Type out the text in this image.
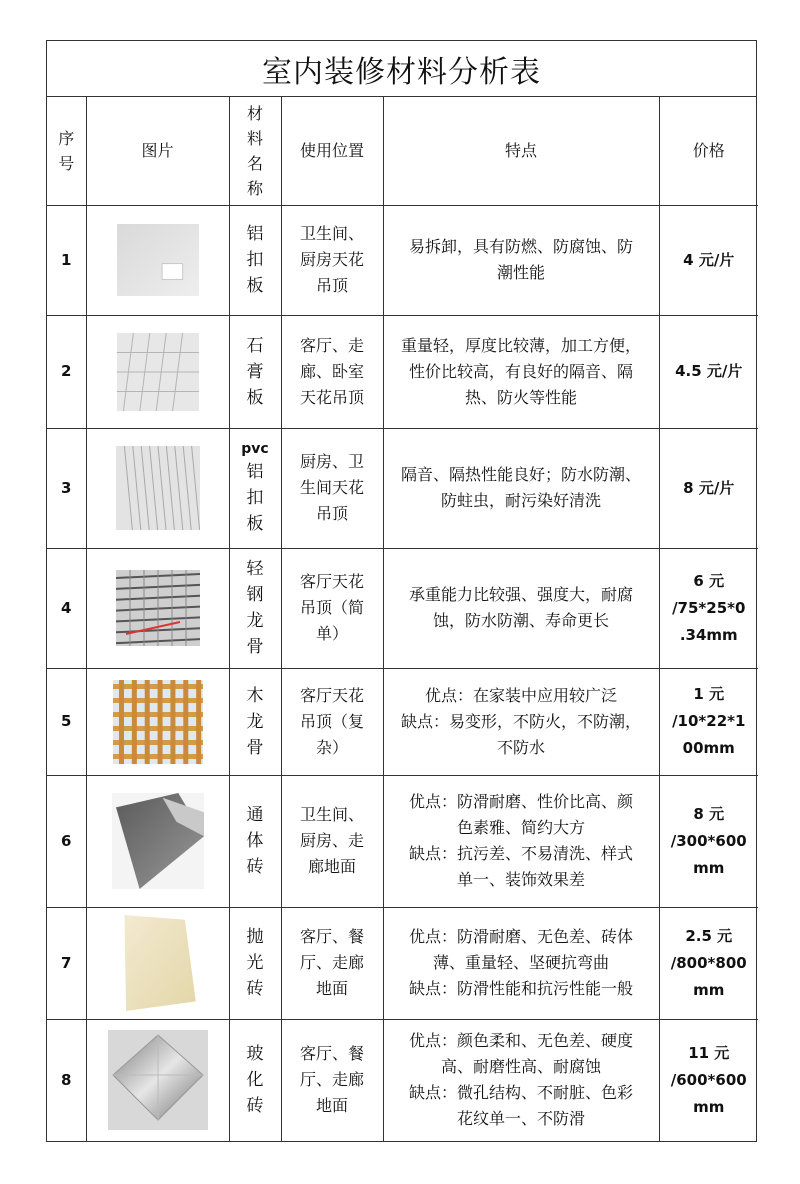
室内装修材料分析表
序
号	图片	材
料
名
称	使用位置	特点	价格
1		铝
扣
板	卫生间、
厨房天花
吊顶	易拆卸，具有防燃、防腐蚀、防
潮性能	4 元/片

2		石
膏
板	客厅、走
廊、卧室
天花吊顶	重量轻，厚度比较薄，加工方便，
性价比较高，有良好的隔音、隔
热、防火等性能	4.5 元/片

3		pvc
铝
扣
板	厨房、卫
生间天花
吊顶	隔音、隔热性能良好；防水防潮、
防蛀虫，耐污染好清洗	8 元/片

4		轻
钢
龙
骨	客厅天花
吊顶（简
单）	承重能力比较强、强度大，耐腐
蚀，防水防潮、寿命更长	6 元
/75*25*0
.34mm

5		木
龙
骨	客厅天花
吊顶（复
杂）	优点：在家装中应用较广泛
缺点：易变形，不防火，不防潮，
不防水	1 元
/10*22*1
00mm

6		通
体
砖	卫生间、
厨房、走
廊地面	优点：防滑耐磨、性价比高、颜
色素雅、简约大方
缺点：抗污差、不易清洗、样式
单一、装饰效果差	8 元
/300*600
mm

7		抛
光
砖	客厅、餐
厅、走廊
地面	优点：防滑耐磨、无色差、砖体
薄、重量轻、坚硬抗弯曲
缺点：防滑性能和抗污性能一般	2.5 元
/800*800
mm

8		玻
化
砖	客厅、餐
厅、走廊
地面	优点：颜色柔和、无色差、硬度
高、耐磨性高、耐腐蚀
缺点：微孔结构、不耐脏、色彩
花纹单一、不防滑	11 元
/600*600
mm
